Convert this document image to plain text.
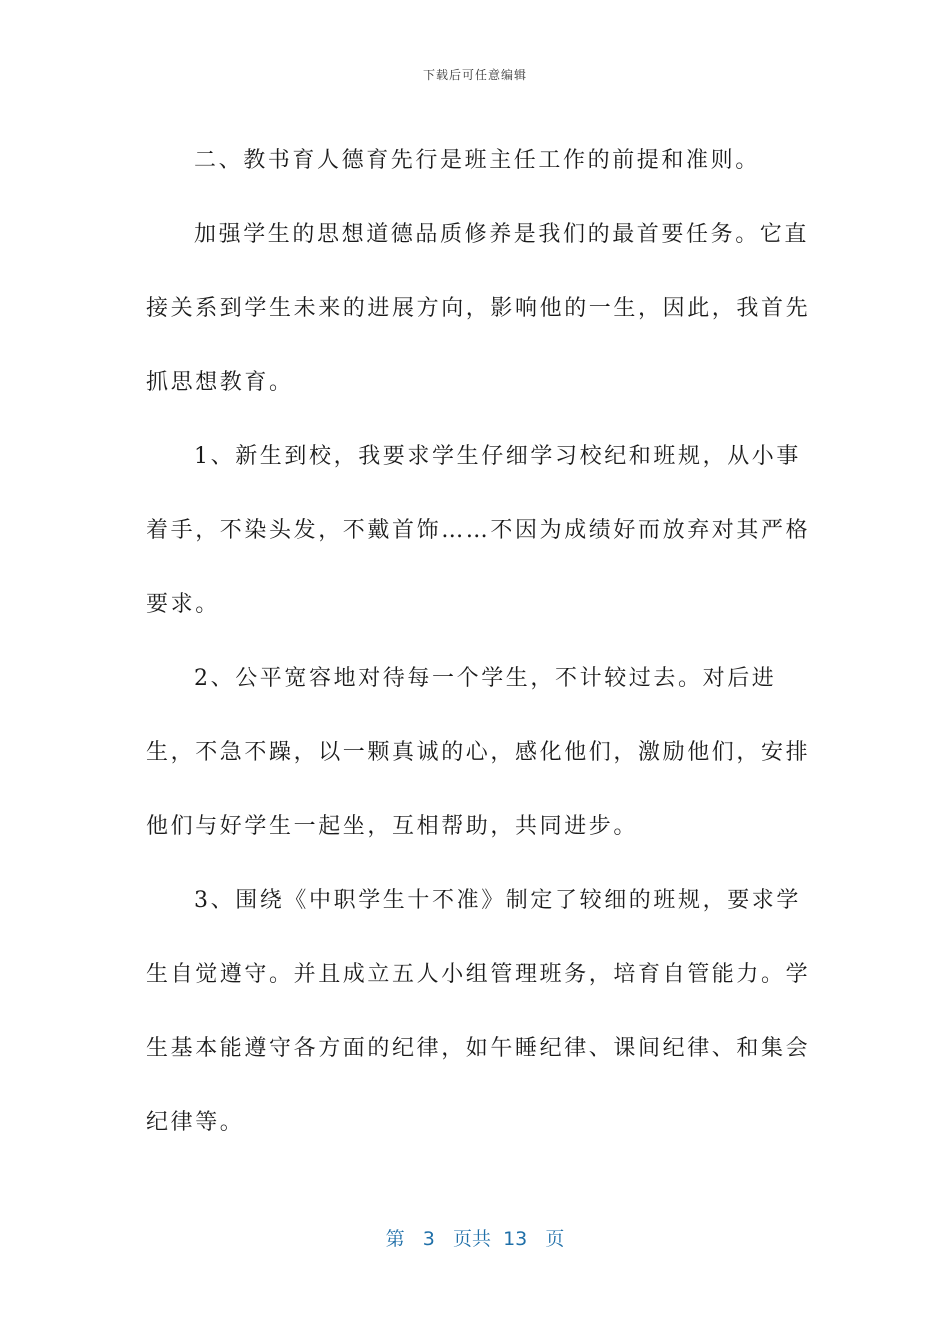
下载后可任意编辑

二、教书育人德育先行是班主任工作的前提和准则。

加强学生的思想道德品质修养是我们的最首要任务。它直接关系到学生未来的进展方向，影响他的一生，因此，我首先抓思想教育。

1、新生到校，我要求学生仔细学习校纪和班规，从小事着手，不染头发，不戴首饰……不因为成绩好而放弃对其严格要求。

2、公平宽容地对待每一个学生，不计较过去。对后进生，不急不躁，以一颗真诚的心，感化他们，激励他们，安排他们与好学生一起坐，互相帮助，共同进步。

3、围绕《中职学生十不准》制定了较细的班规，要求学生自觉遵守。并且成立五人小组管理班务，培育自管能力。学生基本能遵守各方面的纪律，如午睡纪律、课间纪律、和集会纪律等。

第 3 页共 13 页
